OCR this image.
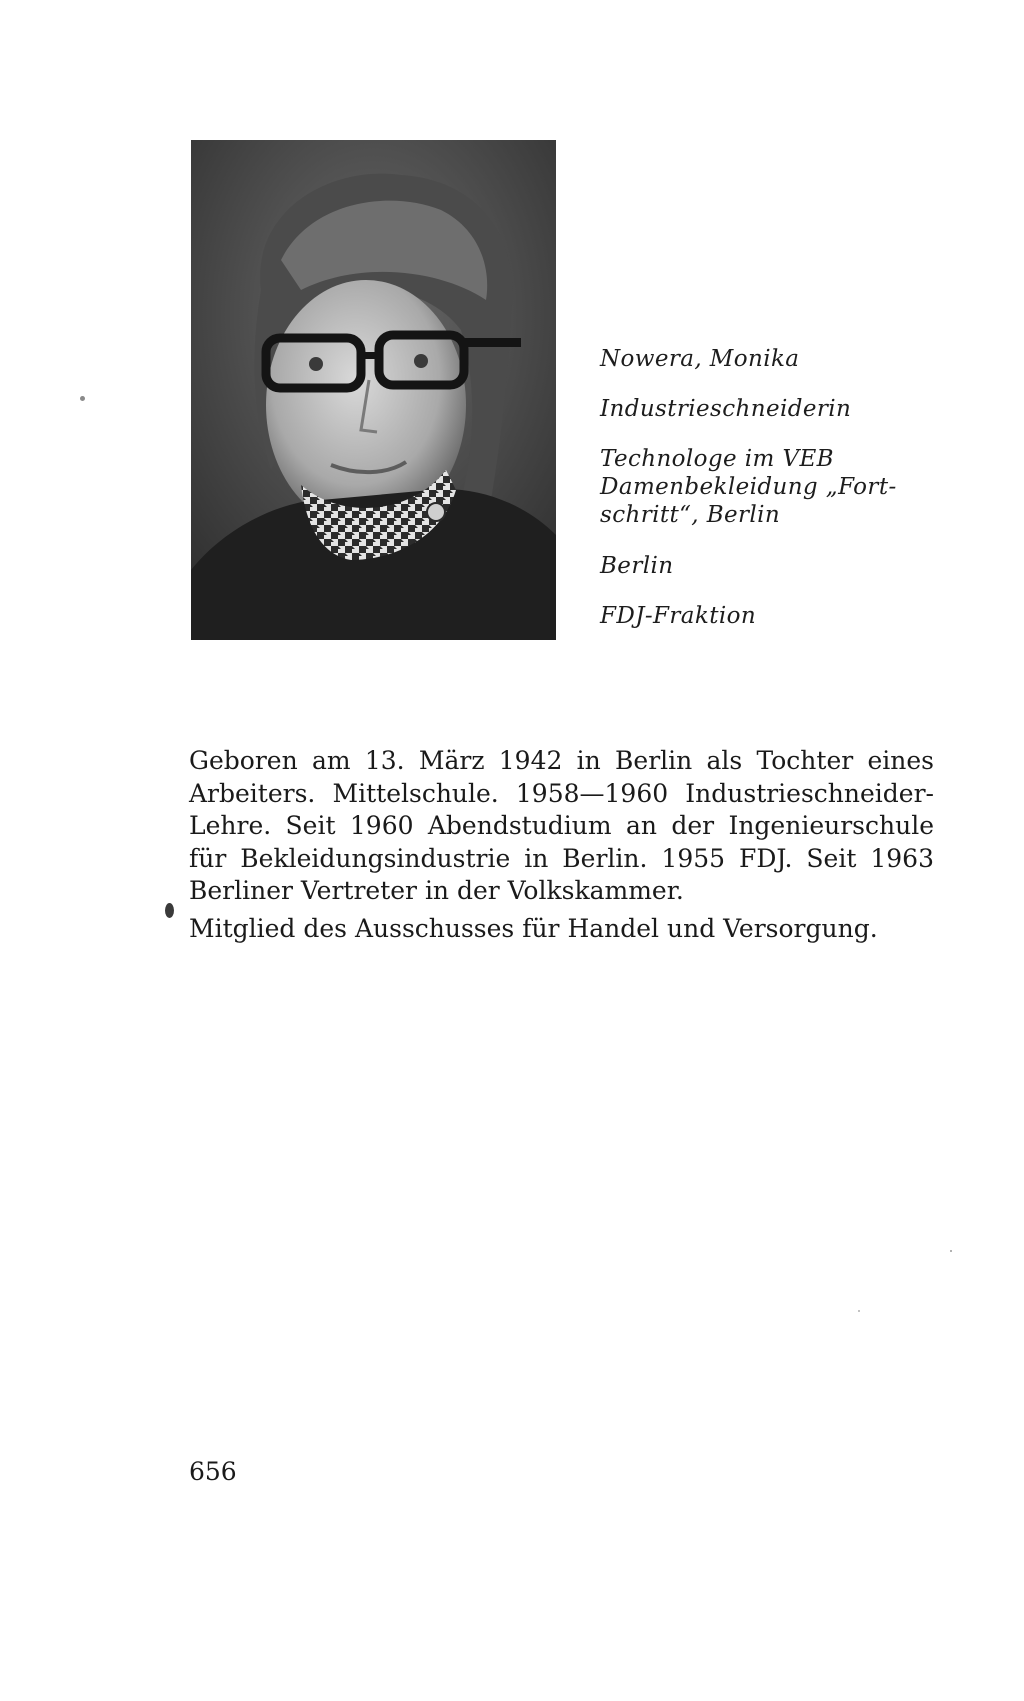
Nowera, Monika
Industrieschneiderin
Technologe im VEB
Damenbekleidung „Fort-
schritt“, Berlin
Berlin
FDJ-Fraktion

Geboren am 13. März 1942 in Berlin als Tochter eines Arbeiters. Mittelschule. 1958—1960 Industrieschneider-Lehre. Seit 1960 Abendstudium an der Ingenieurschule für Bekleidungsindustrie in Berlin. 1955 FDJ. Seit 1963 Berliner Vertreter in der Volkskammer.

Mitglied des Ausschusses für Handel und Versorgung.

656
